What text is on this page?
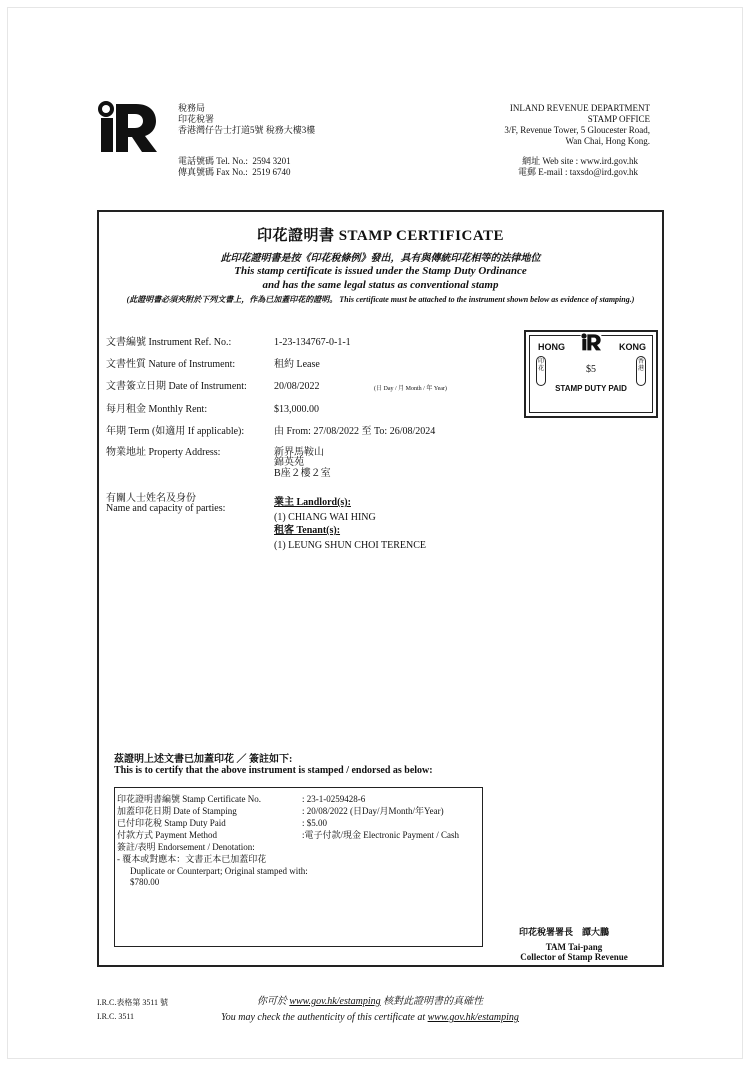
稅務局
印花稅署
香港灣仔告士打道5號 稅務大樓3樓
INLAND REVENUE DEPARTMENT
STAMP OFFICE
3/F, Revenue Tower, 5 Gloucester Road,
Wan Chai, Hong Kong.
電話號碼 Tel. No.: 2594 3201
傳真號碼 Fax No.: 2519 6740
網址 Web site : www.ird.gov.hk
電郵 E-mail : taxsdo@ird.gov.hk
印花證明書 STAMP CERTIFICATE
此印花證明書是按《印花稅條例》發出，具有與傳統印花相等的法律地位
This stamp certificate is issued under the Stamp Duty Ordinance
and has the same legal status as conventional stamp
(此證明書必須夾附於下列文書上，作為已加蓋印花的證明。 This certificate must be attached to the instrument shown below as evidence of stamping.)
文書編號 Instrument Ref. No.:	1-23-134767-0-1-1
文書性質 Nature of Instrument:	租約 Lease
文書簽立日期 Date of Instrument:	20/08/2022	(日 Day / 月 Month / 年 Year)
每月租金 Monthly Rent:	$13,000.00
年期 Term (如適用 If applicable):	由 From: 27/08/2022 至 To: 26/08/2024
物業地址 Property Address:	新界馬鞍山
錦英苑
B座２樓２室
有關人士姓名及身份
Name and capacity of parties:
業主 Landlord(s):
(1) CHIANG WAI HING
租客 Tenant(s):
(1) LEUNG SHUN CHOI TERENCE
HONG	KONG
印花
香港
$5
STAMP DUTY PAID
茲證明上述文書已加蓋印花 ／ 簽註如下:
This is to certify that the above instrument is stamped / endorsed as below:
印花證明書編號 Stamp Certificate No.	: 23-1-0259428-6
加蓋印花日期 Date of Stamping	: 20/08/2022 (日Day/月Month/年Year)
已付印花稅 Stamp Duty Paid	: $5.00
付款方式 Payment Method	:電子付款/現金 Electronic Payment / Cash
簽註/表明 Endorsement / Denotation:
- 覆本或對應本：文書正本已加蓋印花
Duplicate or Counterpart; Original stamped with:
$780.00
印花稅署署長　譚大鵬
TAM Tai-pang
Collector of Stamp Revenue
I.R.C.表格第 3511 號
I.R.C. 3511
你可於 www.gov.hk/estamping 核對此證明書的真確性
You may check the authenticity of this certificate at www.gov.hk/estamping
